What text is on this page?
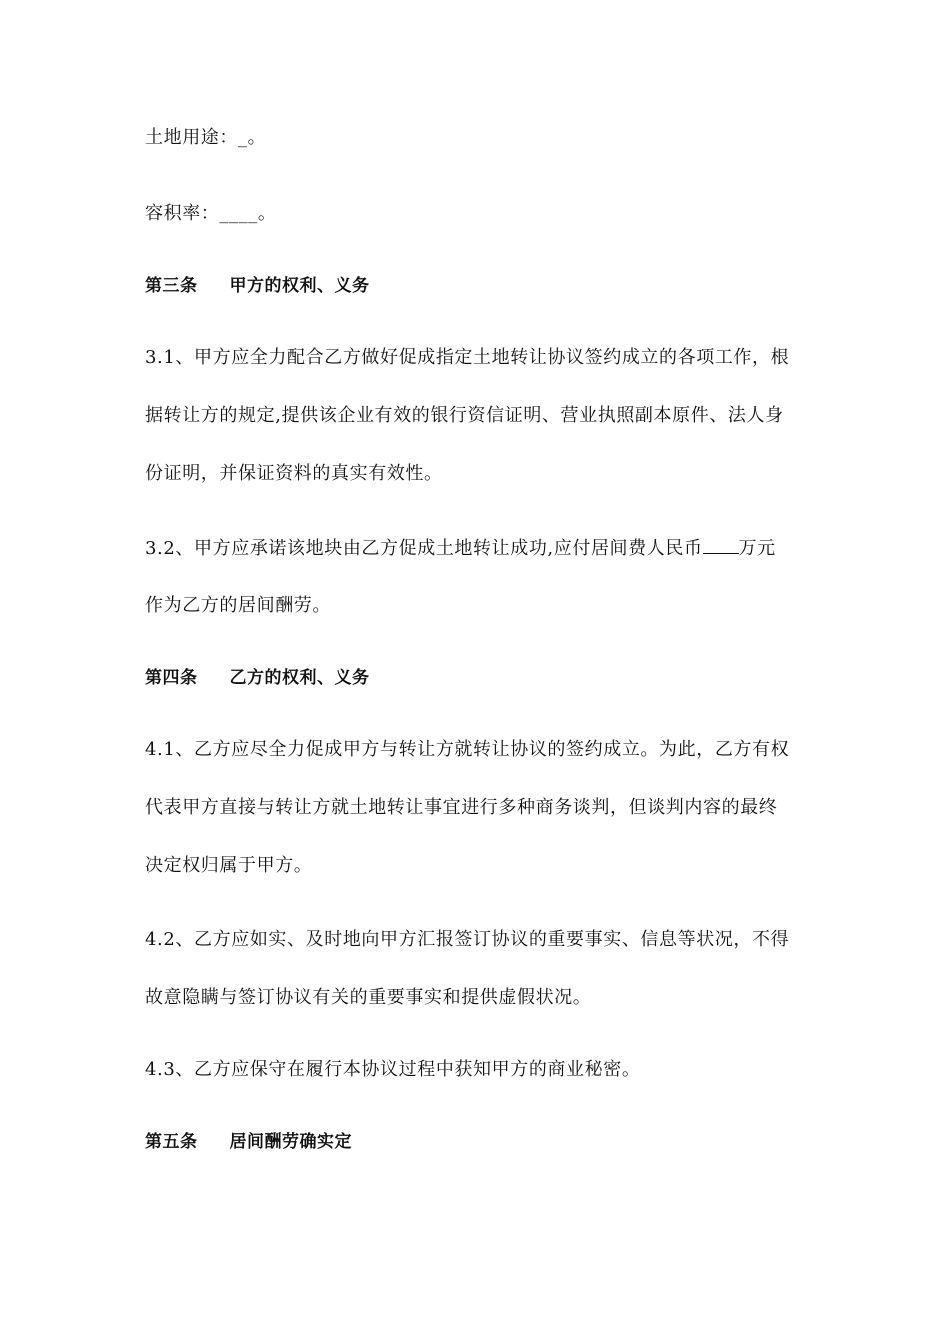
土地用途：_。
容积率：____。
第三条 甲方的权利、义务
3.1、甲方应全力配合乙方做好促成指定土地转让协议签约成立的各项工作，根
据转让方的规定,提供该企业有效的银行资信证明、营业执照副本原件、法人身
份证明，并保证资料的真实有效性。
3.2、甲方应承诺该地块由乙方促成土地转让成功,应付居间费人民币 万元
作为乙方的居间酬劳。
第四条 乙方的权利、义务
4.1、乙方应尽全力促成甲方与转让方就转让协议的签约成立。为此，乙方有权
代表甲方直接与转让方就土地转让事宜进行多种商务谈判，但谈判内容的最终
决定权归属于甲方。
4.2、乙方应如实、及时地向甲方汇报签订协议的重要事实、信息等状况，不得
故意隐瞒与签订协议有关的重要事实和提供虚假状况。
4.3、乙方应保守在履行本协议过程中获知甲方的商业秘密。
第五条 居间酬劳确实定
